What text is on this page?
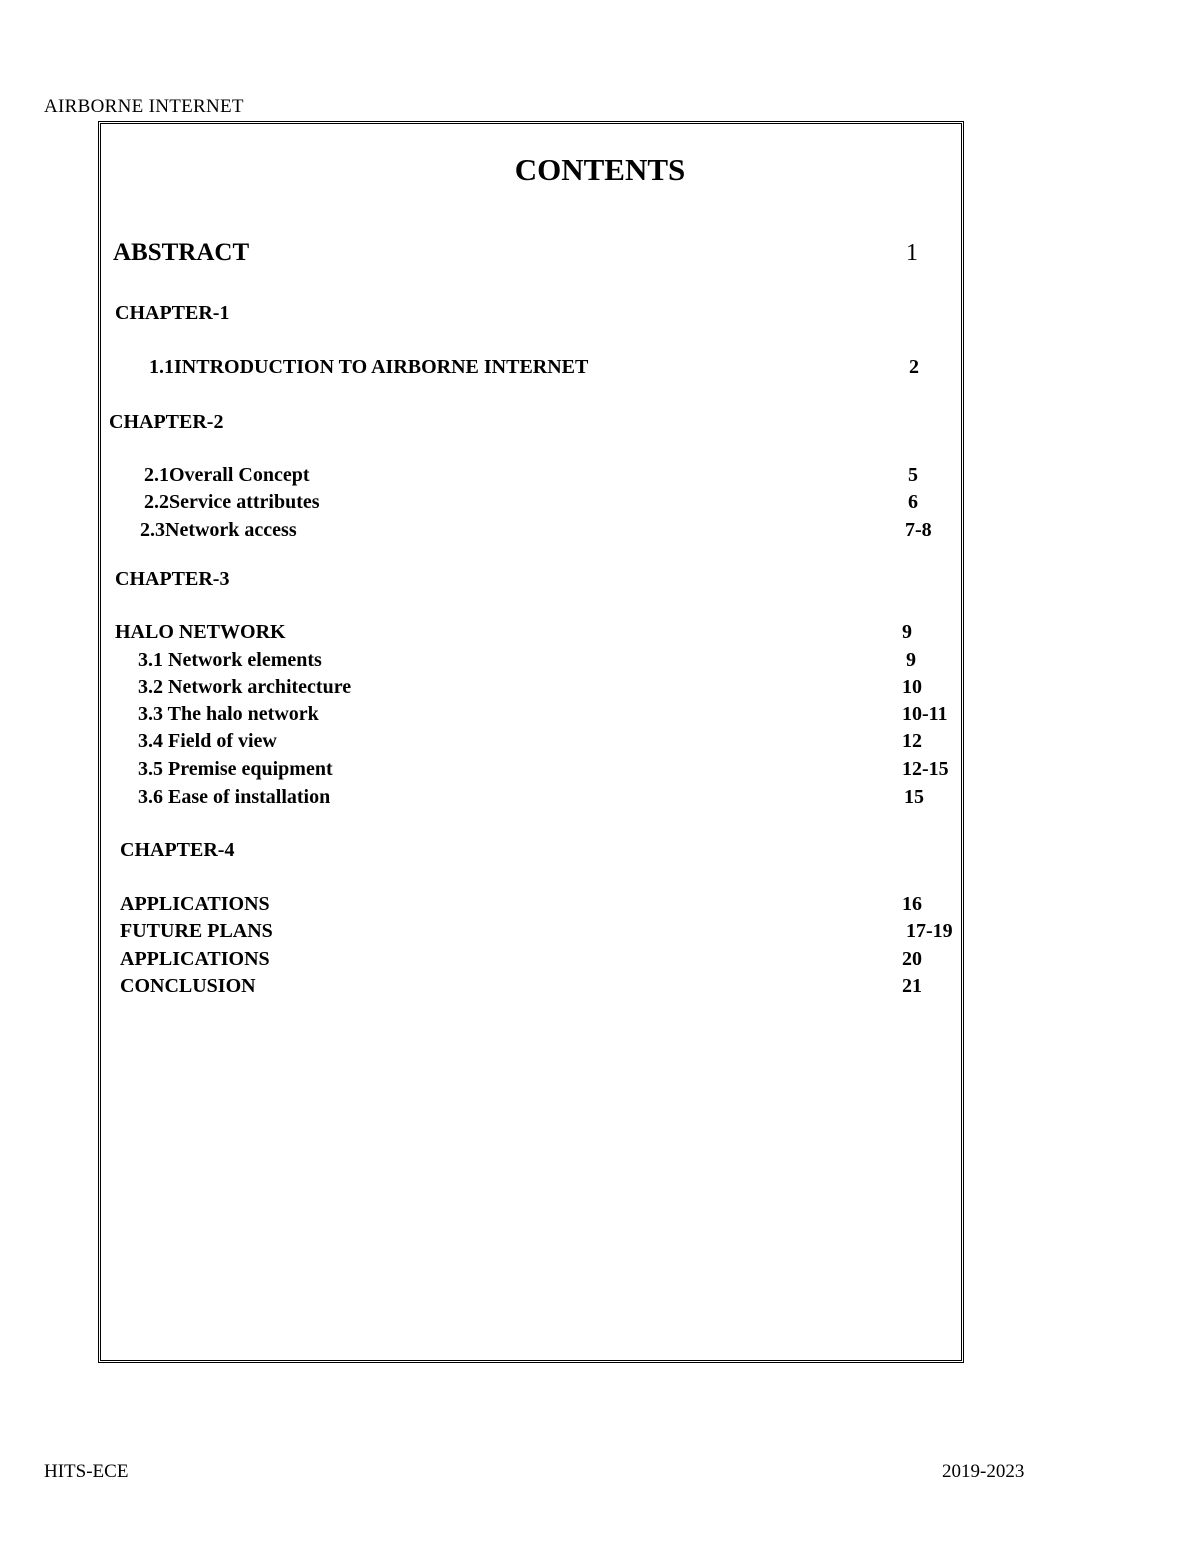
AIRBORNE INTERNET
CONTENTS
ABSTRACT	1
CHAPTER-1
1.1INTRODUCTION TO AIRBORNE INTERNET	2
CHAPTER-2
2.1Overall Concept	5
2.2Service attributes	6
2.3Network access	7-8
CHAPTER-3
HALO NETWORK	9
3.1 Network elements	9
3.2 Network architecture	10
3.3 The halo network	10-11
3.4 Field of view	12
3.5 Premise equipment	12-15
3.6 Ease of installation	15
CHAPTER-4
APPLICATIONS	16
FUTURE PLANS	17-19
APPLICATIONS	20
CONCLUSION	21
HITS-ECE	2019-2023
